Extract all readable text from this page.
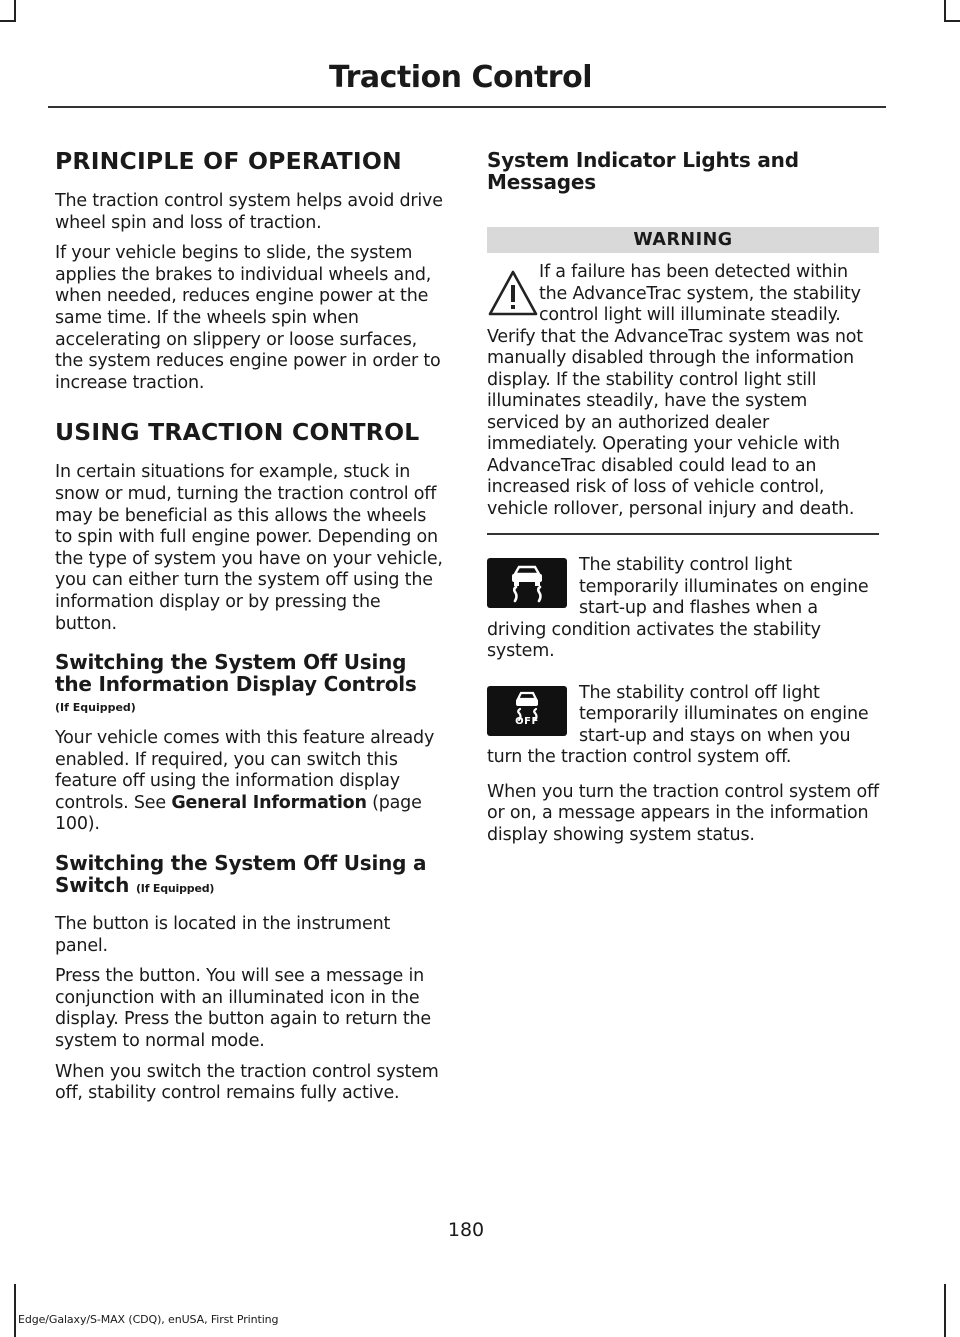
Traction Control
PRINCIPLE OF OPERATION

The traction control system helps avoid drive wheel spin and loss of traction.

If your vehicle begins to slide, the system applies the brakes to individual wheels and, when needed, reduces engine power at the same time. If the wheels spin when accelerating on slippery or loose surfaces, the system reduces engine power in order to increase traction.

USING TRACTION CONTROL

In certain situations for example, stuck in snow or mud, turning the traction control off may be beneficial as this allows the wheels to spin with full engine power. Depending on the type of system you have on your vehicle, you can either turn the system off using the information display or by pressing the button.

Switching the System Off Using the Information Display Controls
(If Equipped)

Your vehicle comes with this feature already enabled. If required, you can switch this feature off using the information display controls. See General Information (page 100).

Switching the System Off Using a Switch (If Equipped)

The button is located in the instrument panel.

Press the button. You will see a message in conjunction with an illuminated icon in the display. Press the button again to return the system to normal mode.

When you switch the traction control system off, stability control remains fully active.

System Indicator Lights and Messages
WARNING
If a failure has been detected within the AdvanceTrac system, the stability control light will illuminate steadily. Verify that the AdvanceTrac system was not manually disabled through the information display. If the stability control light still illuminates steadily, have the system serviced by an authorized dealer immediately. Operating your vehicle with AdvanceTrac disabled could lead to an increased risk of loss of vehicle control, vehicle rollover, personal injury and death.
The stability control light temporarily illuminates on engine start-up and flashes when a driving condition activates the stability system.
OFF
The stability control off light temporarily illuminates on engine start-up and stays on when you turn the traction control system off.

When you turn the traction control system off or on, a message appears in the information display showing system status.

180
Edge/Galaxy/S-MAX (CDQ), enUSA, First Printing
